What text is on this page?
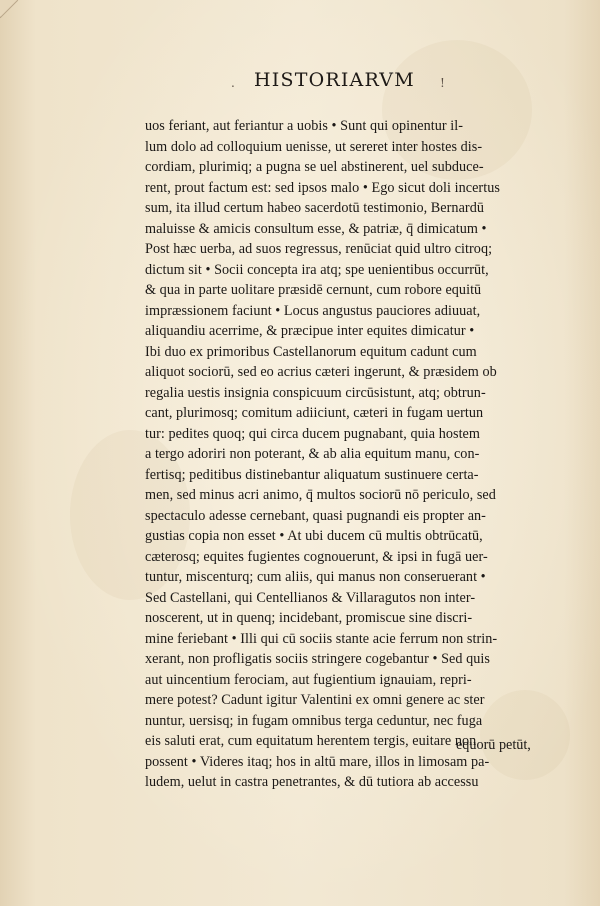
. HISTORIARVM !
uos feriant, aut feriantur a uobis • Sunt qui opinentur il-
lum dolo ad colloquium uenisse, ut sereret inter hostes dis-
cordiam, plurimiq; a pugna se uel abstinerent, uel subduce-
rent, prout factum est: sed ipsos malo • Ego sicut doli incertus
sum, ita illud certum habeo sacerdotū testimonio, Bernardū
maluisse & amicis consultum esse, & patriæ, q̄ dimicatum •
Post hæc uerba, ad suos regressus, renūciat quid ultro citroq;
dictum sit • Socii concepta ira atq; spe uenientibus occurrūt,
& qua in parte uolitare præsidē cernunt, cum robore equitū
impræssionem faciunt • Locus angustus pauciores adiuuat,
aliquandiu acerrime, & præcipue inter equites dimicatur •
Ibi duo ex primoribus Castellanorum equitum cadunt cum
aliquot sociorū, sed eo acrius cæteri ingerunt, & præsidem ob
regalia uestis insignia conspicuum circūsistunt, atq; obtrun-
cant, plurimosq; comitum adiiciunt, cæteri in fugam uertun
tur: pedites quoq; qui circa ducem pugnabant, quia hostem
a tergo adoriri non poterant, & ab alia equitum manu, con-
fertisq; peditibus distinebantur aliquatum sustinuere certa-
men, sed minus acri animo, q̄ multos sociorū nō periculo, sed
spectaculo adesse cernebant, quasi pugnandi eis propter an-
gustias copia non esset • At ubi ducem cū multis obtrūcatū,
cæterosq; equites fugientes cognouerunt, & ipsi in fugā uer-
tuntur, miscenturq; cum aliis, qui manus non conseruerant •
Sed Castellani, qui Centellianos & Villaragutos non inter-
noscerent, ut in quenq; incidebant, promiscue sine discri-
mine feriebant • Illi qui cū sociis stante acie ferrum non strin-
xerant, non profligatis sociis stringere cogebantur • Sed quis
aut uincentium ferociam, aut fugientium ignauiam, repri-
mere potest? Cadunt igitur Valentini ex omni genere ac ster
nuntur, uersisq; in fugam omnibus terga ceduntur, nec fuga
eis saluti erat, cum equitatum herentem tergis, euitare non
possent • Videres itaq; hos in altū mare, illos in limosam pa-
ludem, uelut in castra penetrantes, & dū tutiora ab accessu
equorū petūt,
